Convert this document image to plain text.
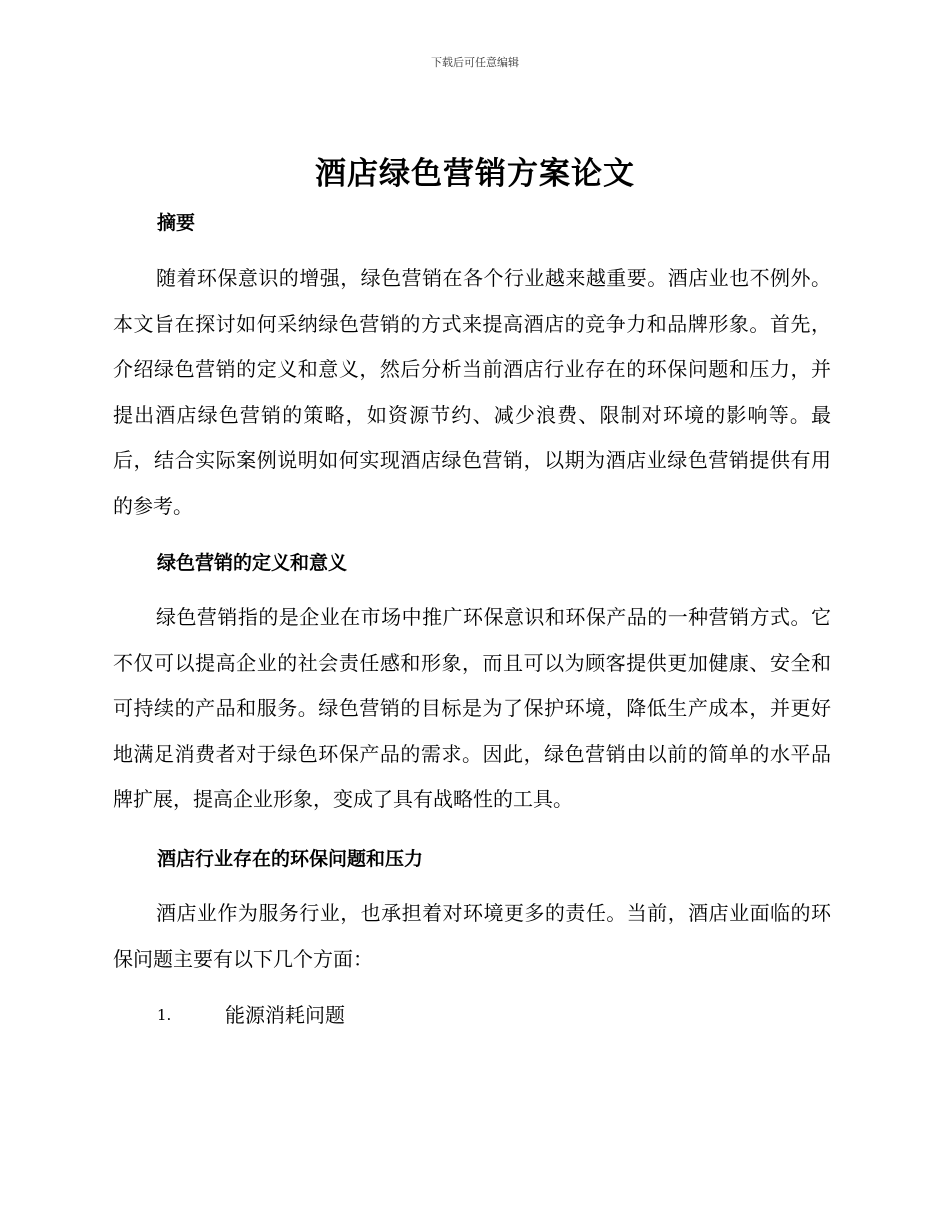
下载后可任意编辑
酒店绿色营销方案论文
摘要

随着环保意识的增强，绿色营销在各个行业越来越重要。酒店业也不例外。本文旨在探讨如何采纳绿色营销的方式来提高酒店的竞争力和品牌形象。首先，介绍绿色营销的定义和意义，然后分析当前酒店行业存在的环保问题和压力，并提出酒店绿色营销的策略，如资源节约、减少浪费、限制对环境的影响等。最后，结合实际案例说明如何实现酒店绿色营销，以期为酒店业绿色营销提供有用的参考。

绿色营销的定义和意义

绿色营销指的是企业在市场中推广环保意识和环保产品的一种营销方式。它不仅可以提高企业的社会责任感和形象，而且可以为顾客提供更加健康、安全和可持续的产品和服务。绿色营销的目标是为了保护环境，降低生产成本，并更好地满足消费者对于绿色环保产品的需求。因此，绿色营销由以前的简单的水平品牌扩展，提高企业形象，变成了具有战略性的工具。

酒店行业存在的环保问题和压力

酒店业作为服务行业，也承担着对环境更多的责任。当前，酒店业面临的环保问题主要有以下几个方面：

1.	能源消耗问题
